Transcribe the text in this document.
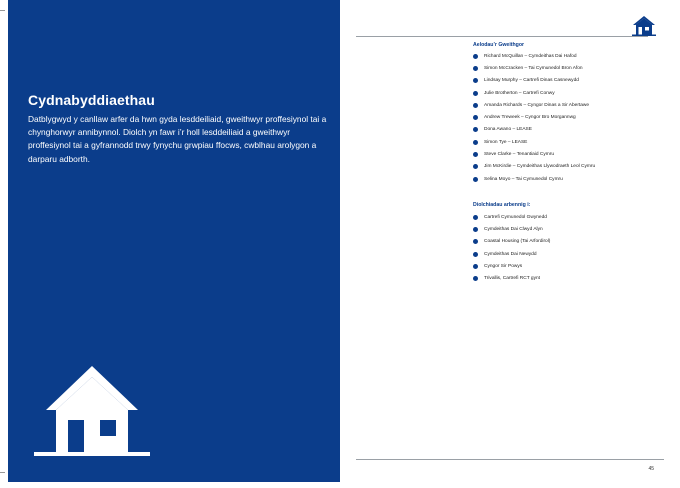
Cydnabyddiaethau

Datblygwyd y canllaw arfer da hwn gyda lesddeiliaid, gweithwyr proffesiynol tai a chynghorwyr annibynnol. Diolch yn fawr i’r holl lesddeiliaid a gweithwyr proffesiynol tai a gyfrannodd trwy fynychu grwpiau ffocws, cwblhau arolygon a darparu adborth.

Aelodau’r Gweithgor
Richard McQuillan – Cymdeithas Dai Hafod
Simon McCracken – Tai Cymunedol Bron Afon
Lindsay Murphy – Cartrefi Dinas Casnewydd
Julie Brotherton – Cartrefi Conwy
Amanda Richards – Cyngor Dinas a Sir Abertawe
Andrew Treweek – Cyngor Bro Morgannwg
Dona Awano – LEASE
Simon Tye – LEASE
Steve Clarke – Tenantiaid Cymru
Jim McKirdie – Cymdeithas Llywodraeth Leol Cymru
Selina Moyo – Tai Cymunedol Cymru
Diolchiadau arbennig i:
Cartrefi Cymunedol Gwynedd
Cymdeithas Dai Clwyd Alyn
Coastal Housing (Tai Arfordirol)
Cymdeithas Dai Newydd
Cyngor Sir Powys
Trivallis, Cartrefi RCT gynt
45
